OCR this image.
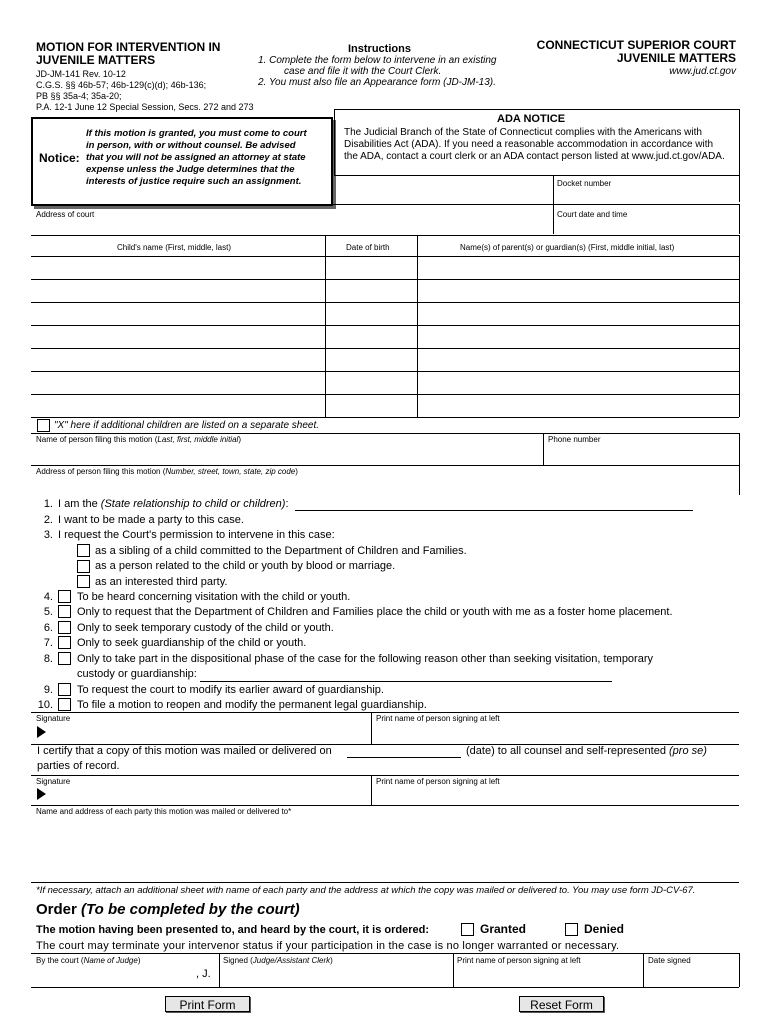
MOTION FOR INTERVENTION IN
JUVENILE MATTERS
JD-JM-141 Rev. 10-12
C.G.S. §§ 46b-57; 46b-129(c)(d); 46b-136;
PB §§ 35a-4; 35a-20;
P.A. 12-1 June 12 Special Session, Secs. 272 and 273
Instructions
1. Complete the form below to intervene in an existing
case and file it with the Court Clerk.
2. You must also file an Appearance form (JD-JM-13).
CONNECTICUT SUPERIOR COURT
JUVENILE MATTERS
www.jud.ct.gov
Notice:
If this motion is granted, you must come to court
in person, with or without counsel. Be advised
that you will not be assigned an attorney at state
expense unless the Judge determines that the
interests of justice require such an assignment.
ADA NOTICE
The Judicial Branch of the State of Connecticut complies with the Americans with
Disabilities Act (ADA). If you need a reasonable accommodation in accordance with
the ADA, contact a court clerk or an ADA contact person listed at www.jud.ct.gov/ADA.
Docket number
Address of court	Court date and time
Child's name (First, middle, last)	Date of birth	Name(s) of parent(s) or guardian(s) (First, middle initial, last)
"X" here if additional children are listed on a separate sheet.
Name of person filing this motion (Last, first, middle initial)	Phone number
Address of person filing this motion (Number, street, town, state, zip code)
1. I am the (State relationship to child or children):
2. I want to be made a party to this case.
3. I request the Court's permission to intervene in this case:
as a sibling of a child committed to the Department of Children and Families.
as a person related to the child or youth by blood or marriage.
as an interested third party.
4. To be heard concerning visitation with the child or youth.
5. Only to request that the Department of Children and Families place the child or youth with me as a foster home placement.
6. Only to seek temporary custody of the child or youth.
7. Only to seek guardianship of the child or youth.
8. Only to take part in the dispositional phase of the case for the following reason other than seeking visitation, temporary
custody or guardianship:
9. To request the court to modify its earlier award of guardianship.
10. To file a motion to reopen and modify the permanent legal guardianship.
Signature	Print name of person signing at left
I certify that a copy of this motion was mailed or delivered on	(date) to all counsel and self-represented (pro se)
parties of record.
Signature	Print name of person signing at left
Name and address of each party this motion was mailed or delivered to*
*If necessary, attach an additional sheet with name of each party and the address at which the copy was mailed or delivered to. You may use form JD-CV-67.
Order (To be completed by the court)
The motion having been presented to, and heard by the court, it is ordered:	Granted	Denied
The court may terminate your intervenor status if your participation in the case is no longer warranted or necessary.
By the court (Name of Judge)
, J.
Signed (Judge/Assistant Clerk)	Print name of person signing at left	Date signed
Print Form	Reset Form
